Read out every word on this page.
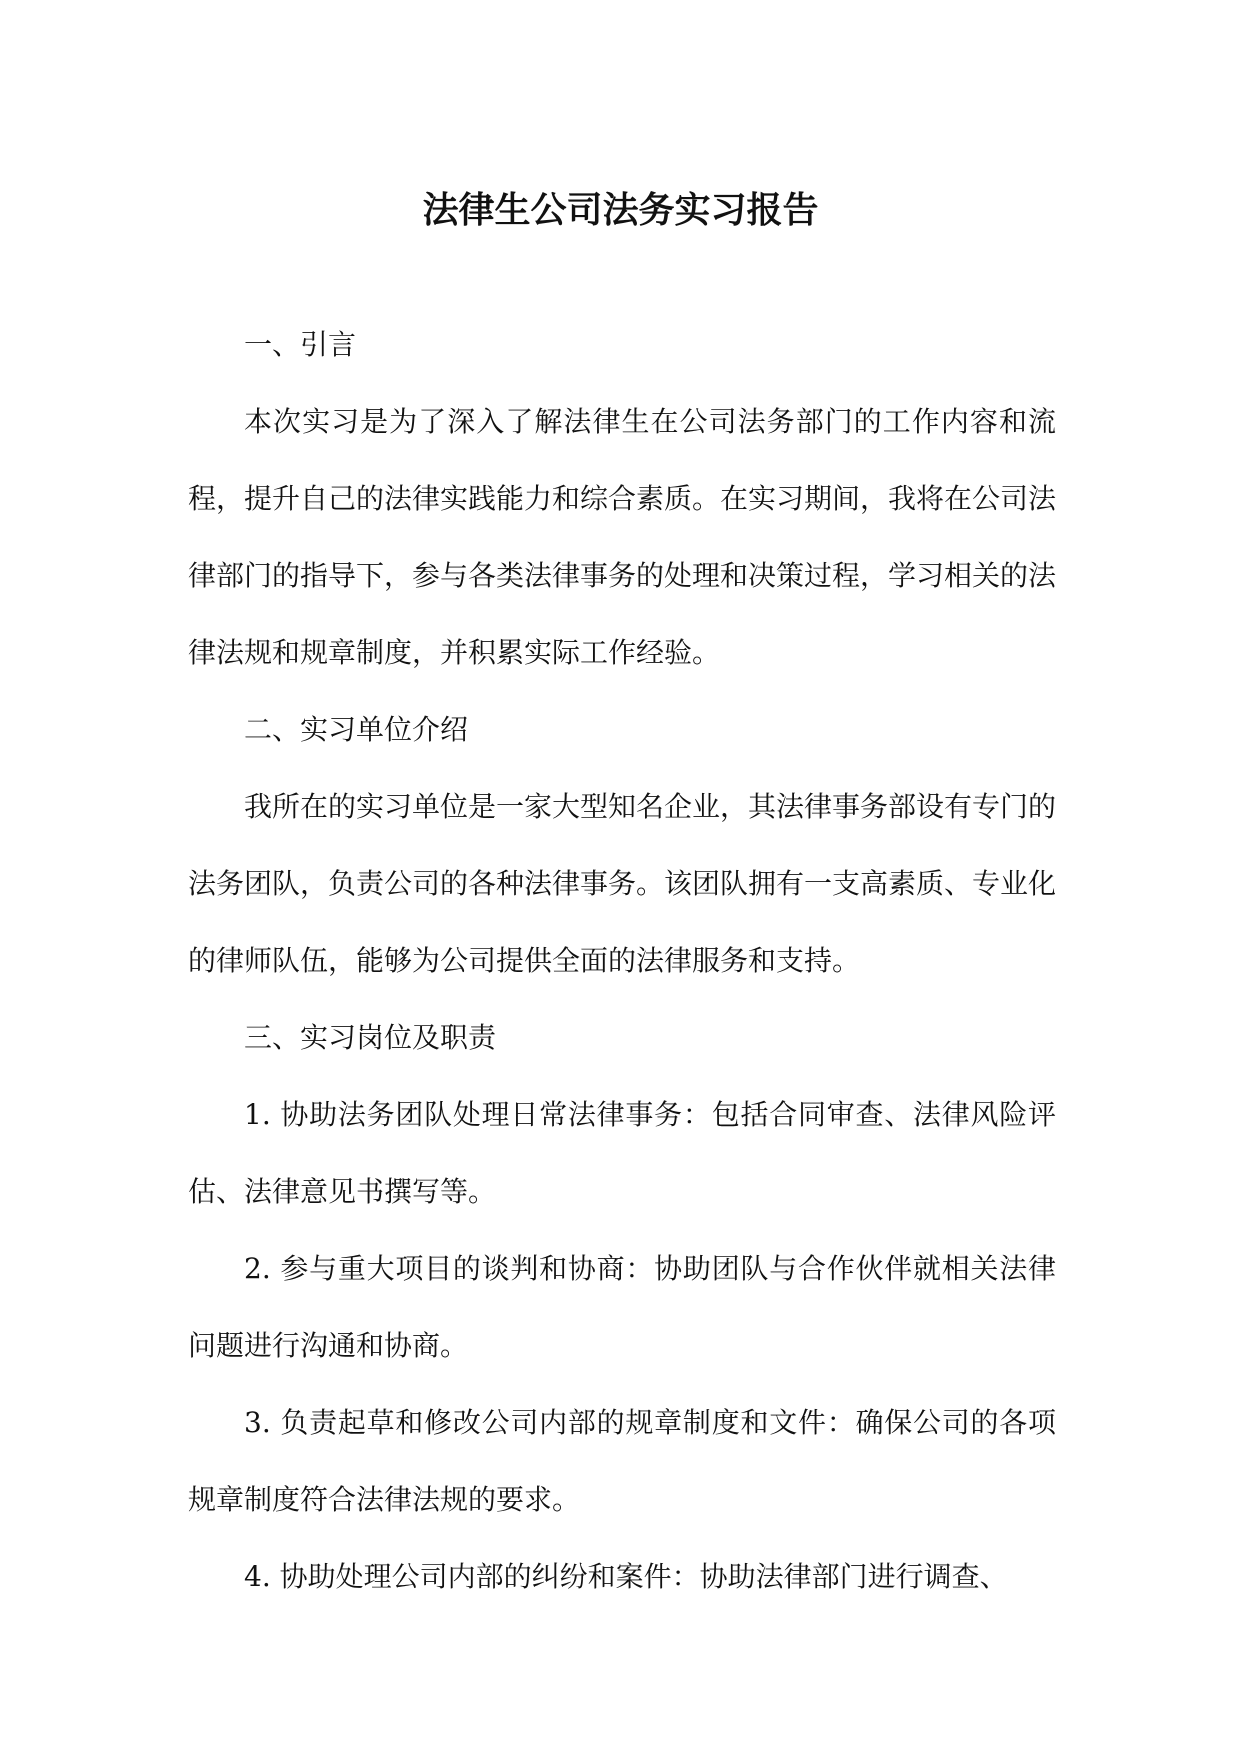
法律生公司法务实习报告

一、引言

本次实习是为了深入了解法律生在公司法务部门的工作内容和流程，提升自己的法律实践能力和综合素质。在实习期间，我将在公司法律部门的指导下，参与各类法律事务的处理和决策过程，学习相关的法律法规和规章制度，并积累实际工作经验。

二、实习单位介绍

我所在的实习单位是一家大型知名企业，其法律事务部设有专门的法务团队，负责公司的各种法律事务。该团队拥有一支高素质、专业化的律师队伍，能够为公司提供全面的法律服务和支持。

三、实习岗位及职责

1. 协助法务团队处理日常法律事务：包括合同审查、法律风险评估、法律意见书撰写等。

2. 参与重大项目的谈判和协商：协助团队与合作伙伴就相关法律问题进行沟通和协商。

3. 负责起草和修改公司内部的规章制度和文件：确保公司的各项规章制度符合法律法规的要求。

4. 协助处理公司内部的纠纷和案件：协助法律部门进行调查、
